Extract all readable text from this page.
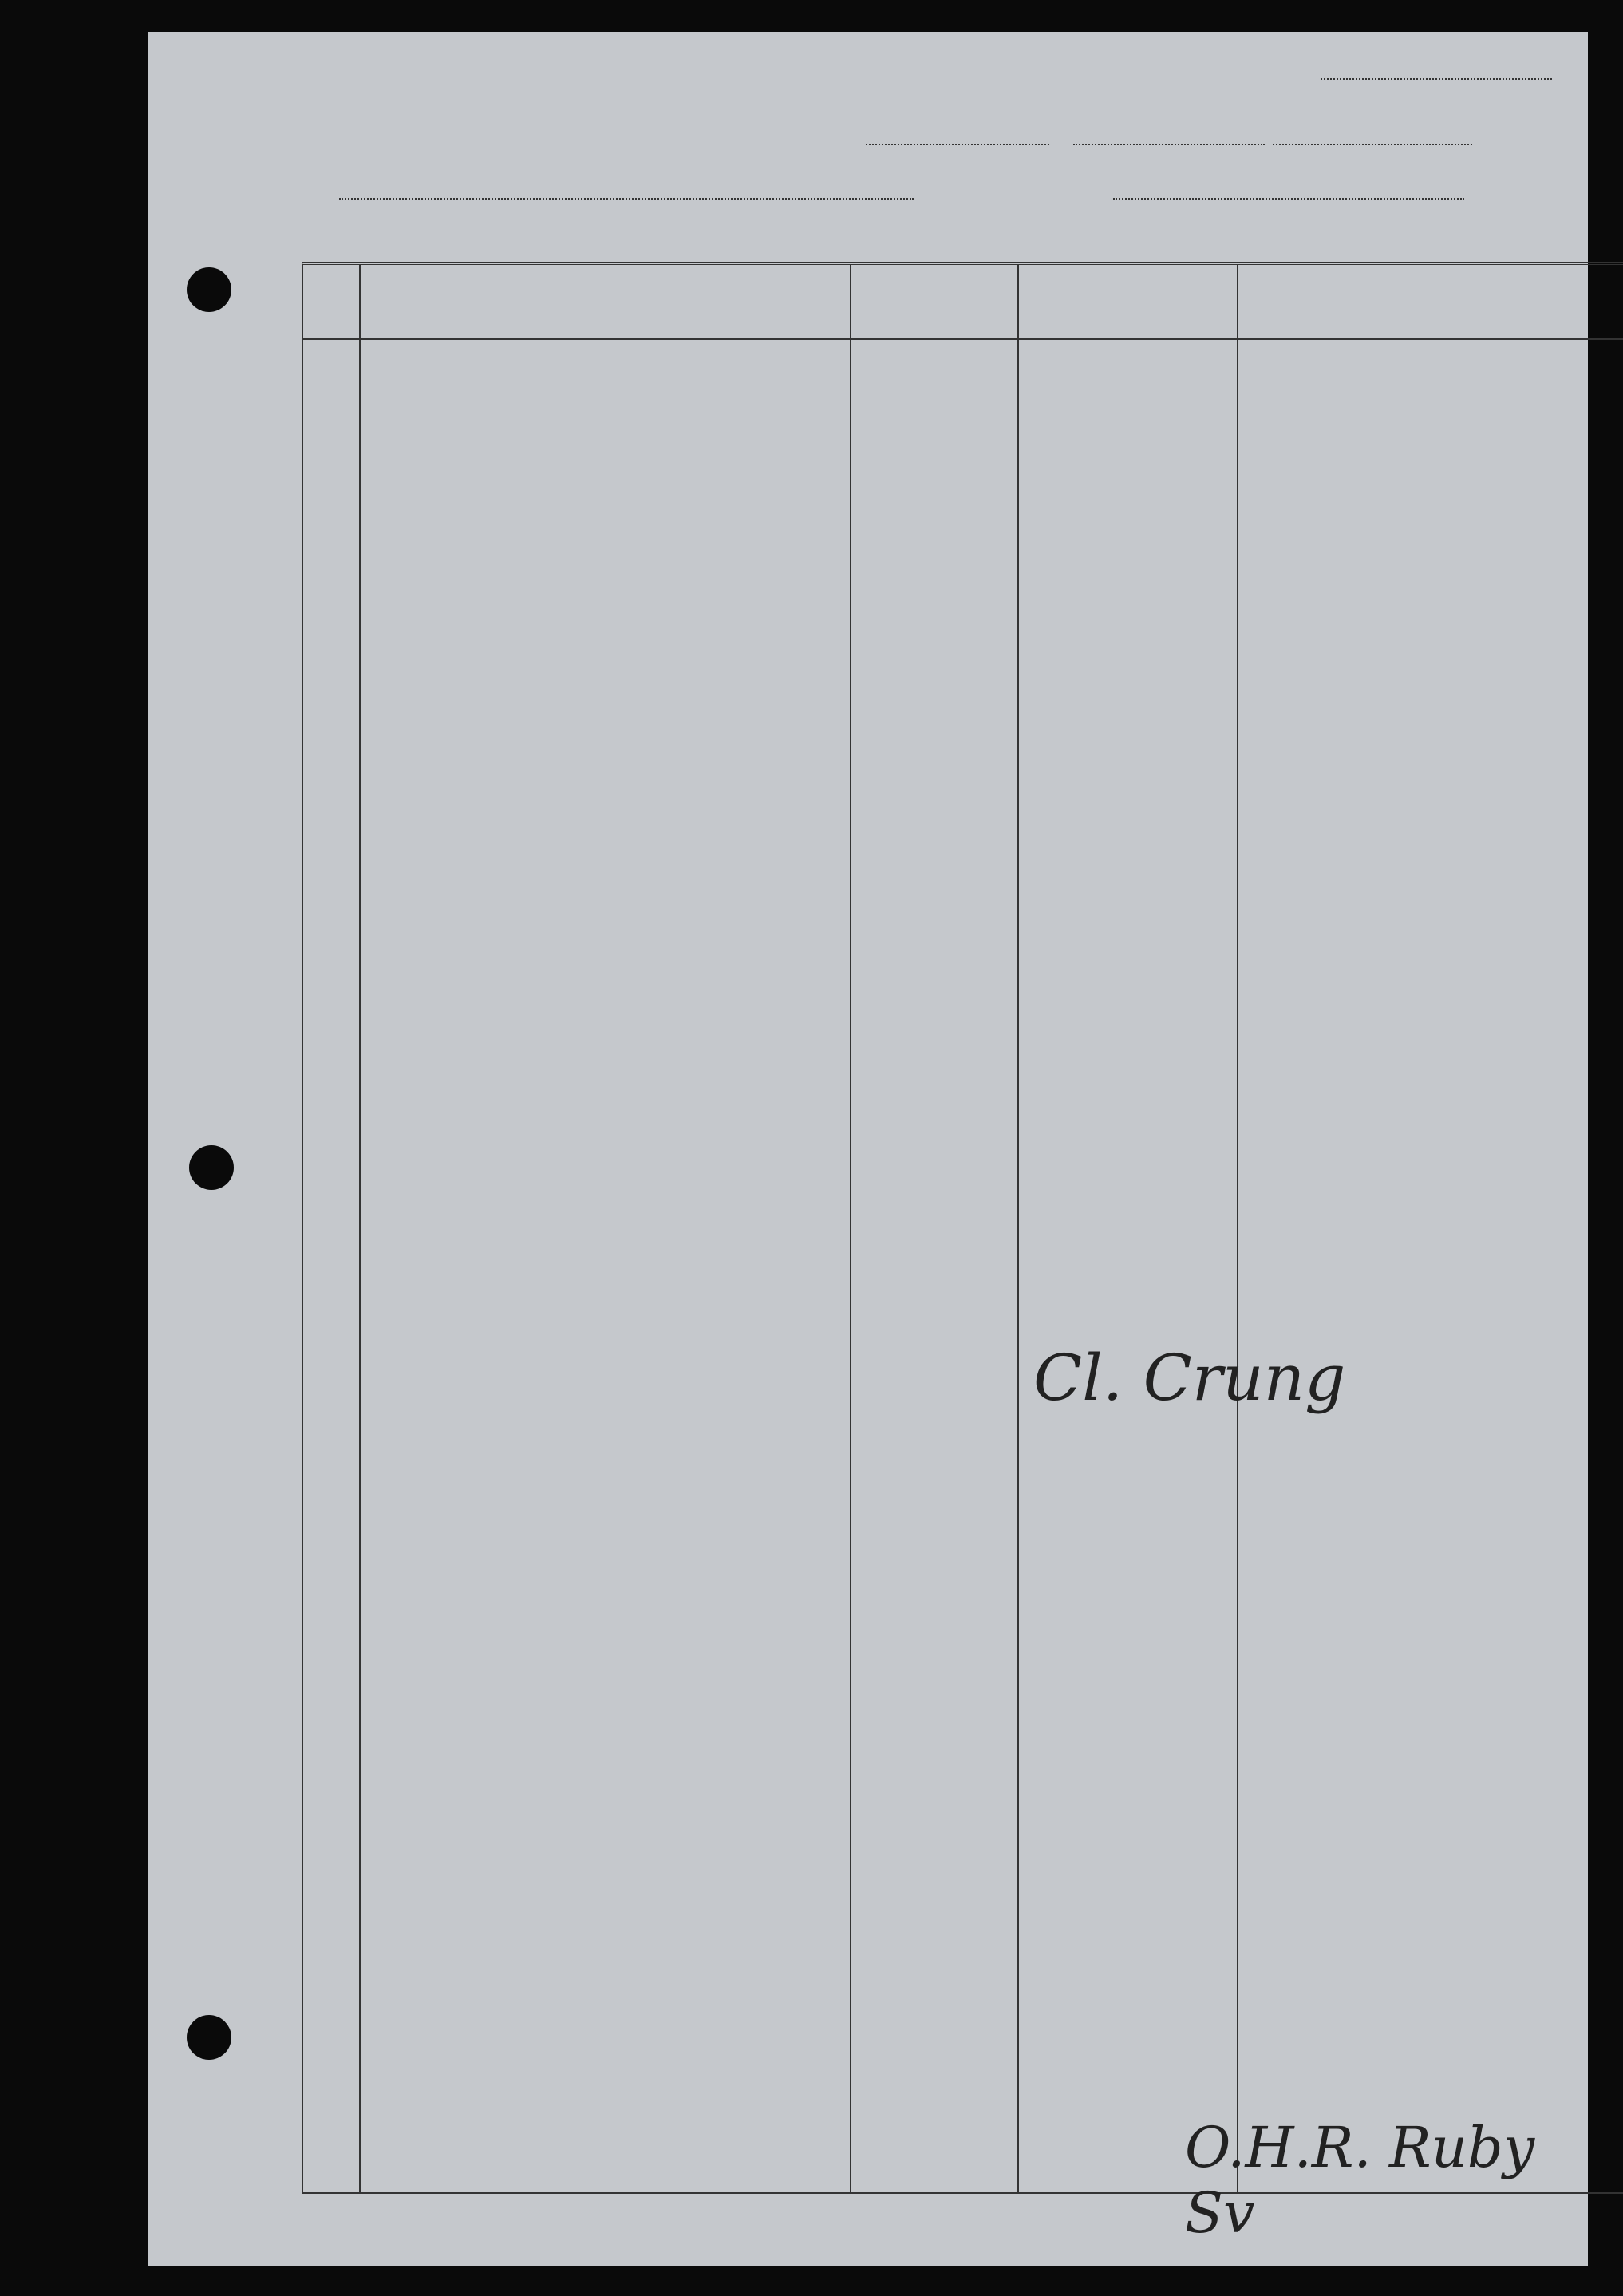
Cl. Crung
O.H.R. Ruby Sv
